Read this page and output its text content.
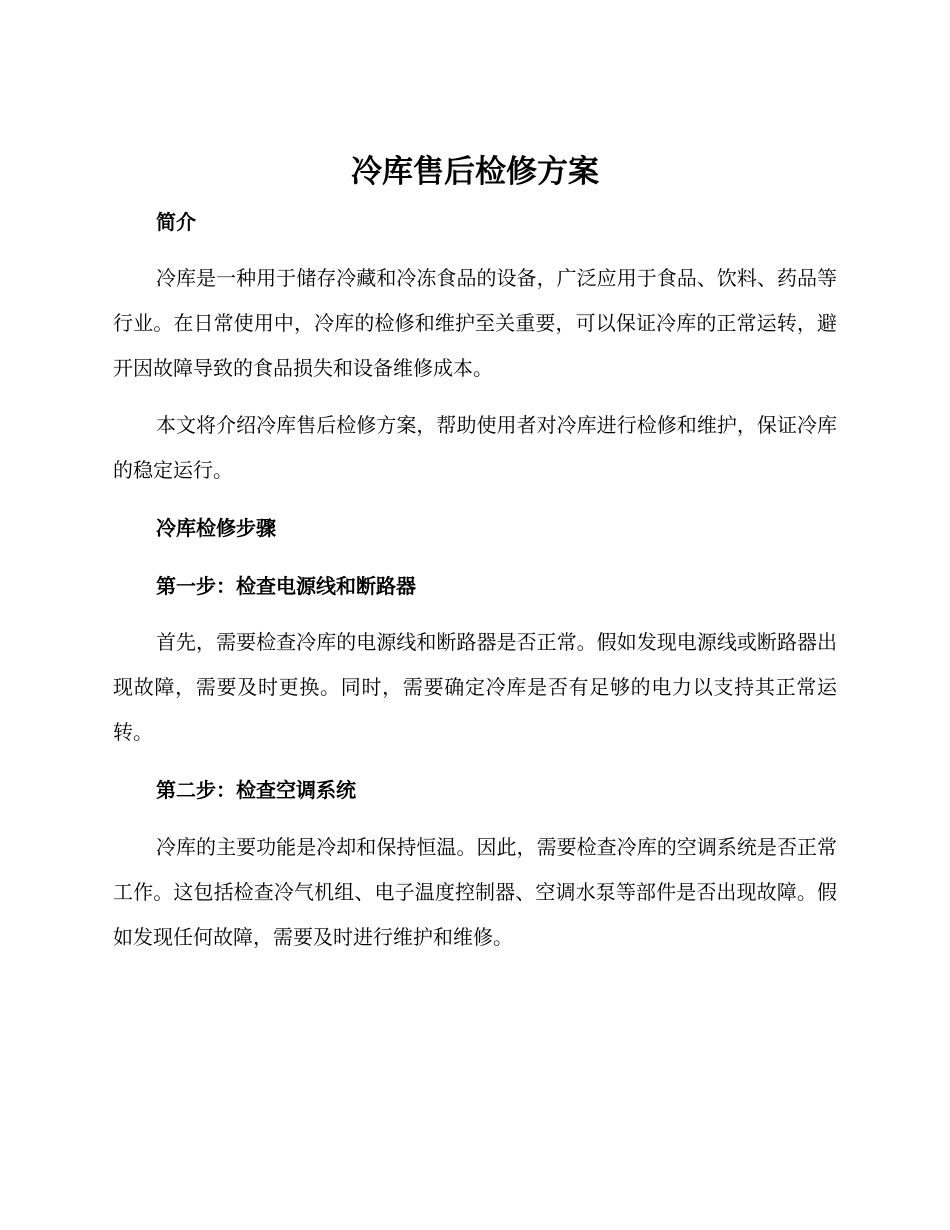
冷库售后检修方案
简介

冷库是一种用于储存冷藏和冷冻食品的设备，广泛应用于食品、饮料、药品等行业。在日常使用中，冷库的检修和维护至关重要，可以保证冷库的正常运转，避开因故障导致的食品损失和设备维修成本。

本文将介绍冷库售后检修方案，帮助使用者对冷库进行检修和维护，保证冷库的稳定运行。

冷库检修步骤
第一步：检查电源线和断路器

首先，需要检查冷库的电源线和断路器是否正常。假如发现电源线或断路器出现故障，需要及时更换。同时，需要确定冷库是否有足够的电力以支持其正常运转。

第二步：检查空调系统

冷库的主要功能是冷却和保持恒温。因此，需要检查冷库的空调系统是否正常工作。这包括检查冷气机组、电子温度控制器、空调水泵等部件是否出现故障。假如发现任何故障，需要及时进行维护和维修。
